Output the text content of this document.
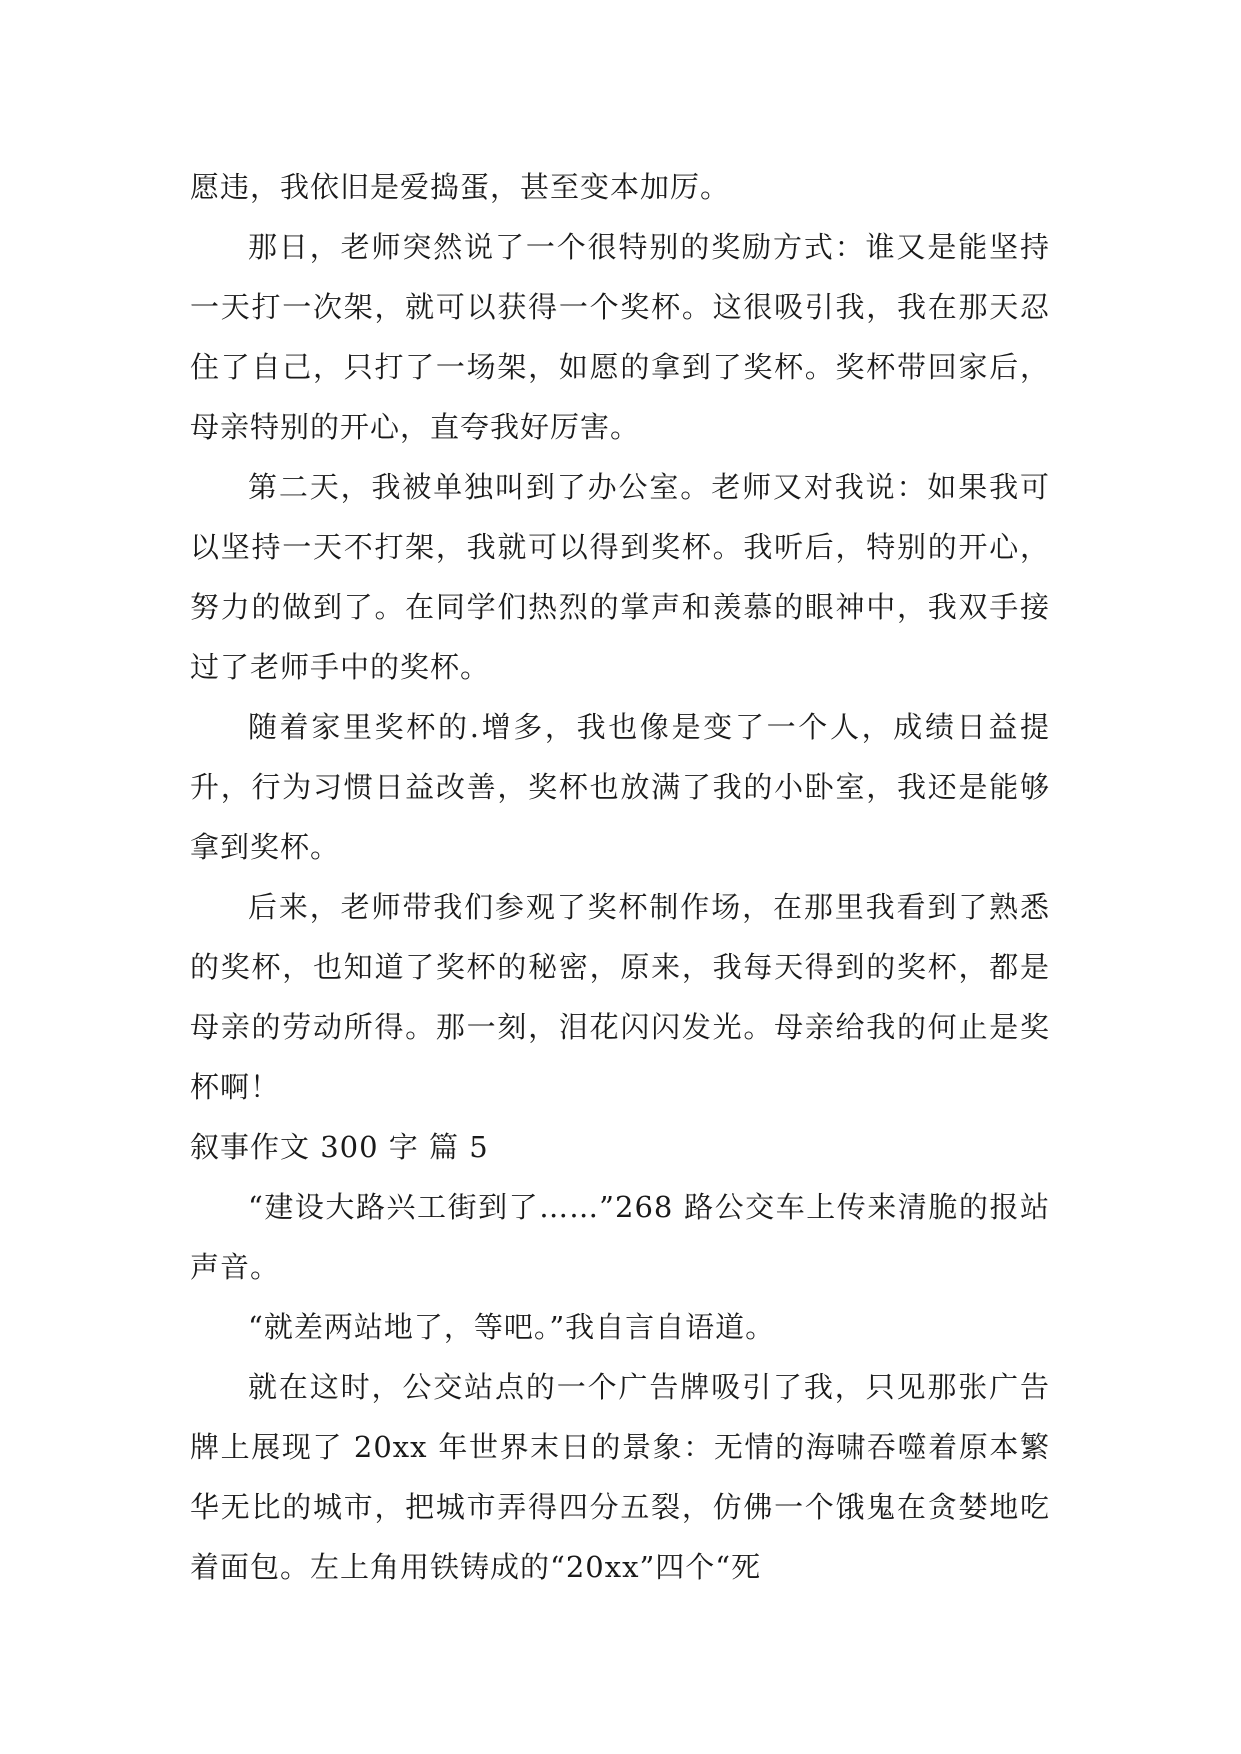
愿违，我依旧是爱捣蛋，甚至变本加厉。

那日，老师突然说了一个很特别的奖励方式：谁又是能坚持一天打一次架，就可以获得一个奖杯。这很吸引我，我在那天忍住了自己，只打了一场架，如愿的拿到了奖杯。奖杯带回家后，母亲特别的开心，直夸我好厉害。

第二天，我被单独叫到了办公室。老师又对我说：如果我可以坚持一天不打架，我就可以得到奖杯。我听后，特别的开心，努力的做到了。在同学们热烈的掌声和羡慕的眼神中，我双手接过了老师手中的奖杯。

随着家里奖杯的.增多，我也像是变了一个人，成绩日益提升，行为习惯日益改善，奖杯也放满了我的小卧室，我还是能够拿到奖杯。

后来，老师带我们参观了奖杯制作场，在那里我看到了熟悉的奖杯，也知道了奖杯的秘密，原来，我每天得到的奖杯，都是母亲的劳动所得。那一刻，泪花闪闪发光。母亲给我的何止是奖杯啊！

叙事作文 300 字 篇 5

“建设大路兴工街到了……”268 路公交车上传来清脆的报站声音。

“就差两站地了，等吧。”我自言自语道。

就在这时，公交站点的一个广告牌吸引了我，只见那张广告牌上展现了 20xx 年世界末日的景象：无情的海啸吞噬着原本繁华无比的城市，把城市弄得四分五裂，仿佛一个饿鬼在贪婪地吃着面包。左上角用铁铸成的“20xx”四个“死
